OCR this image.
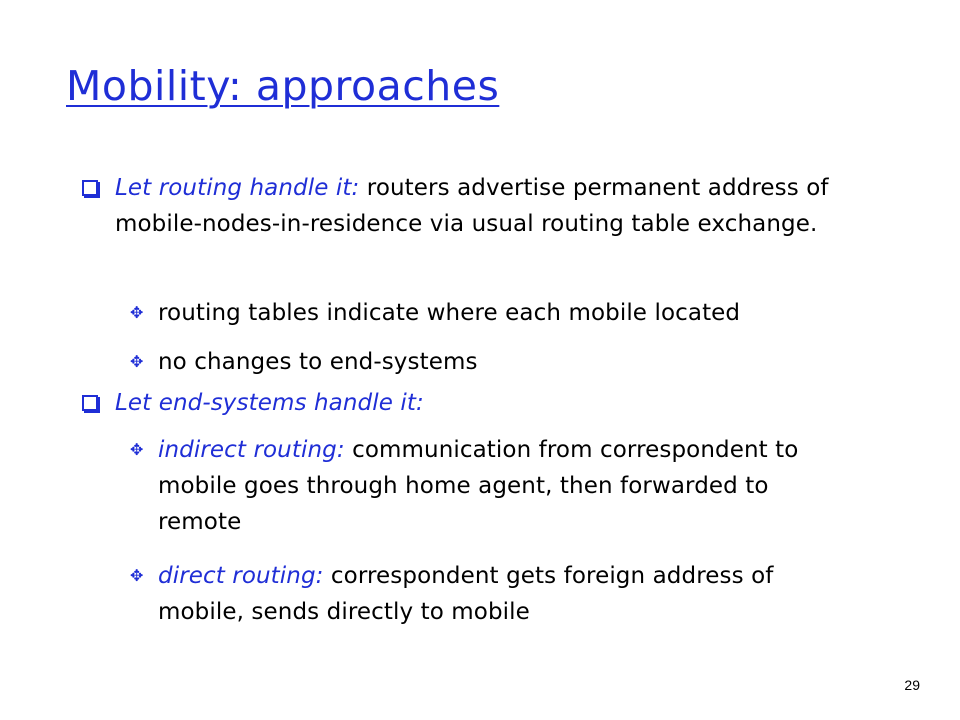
Mobility: approaches
Let routing handle it: routers advertise permanent address of mobile-nodes-in-residence via usual routing table exchange.
✥ routing tables indicate where each mobile located
✥ no changes to end-systems
Let end-systems handle it:
✥ indirect routing: communication from correspondent to mobile goes through home agent, then forwarded to remote
✥ direct routing: correspondent gets foreign address of mobile, sends directly to mobile
29
